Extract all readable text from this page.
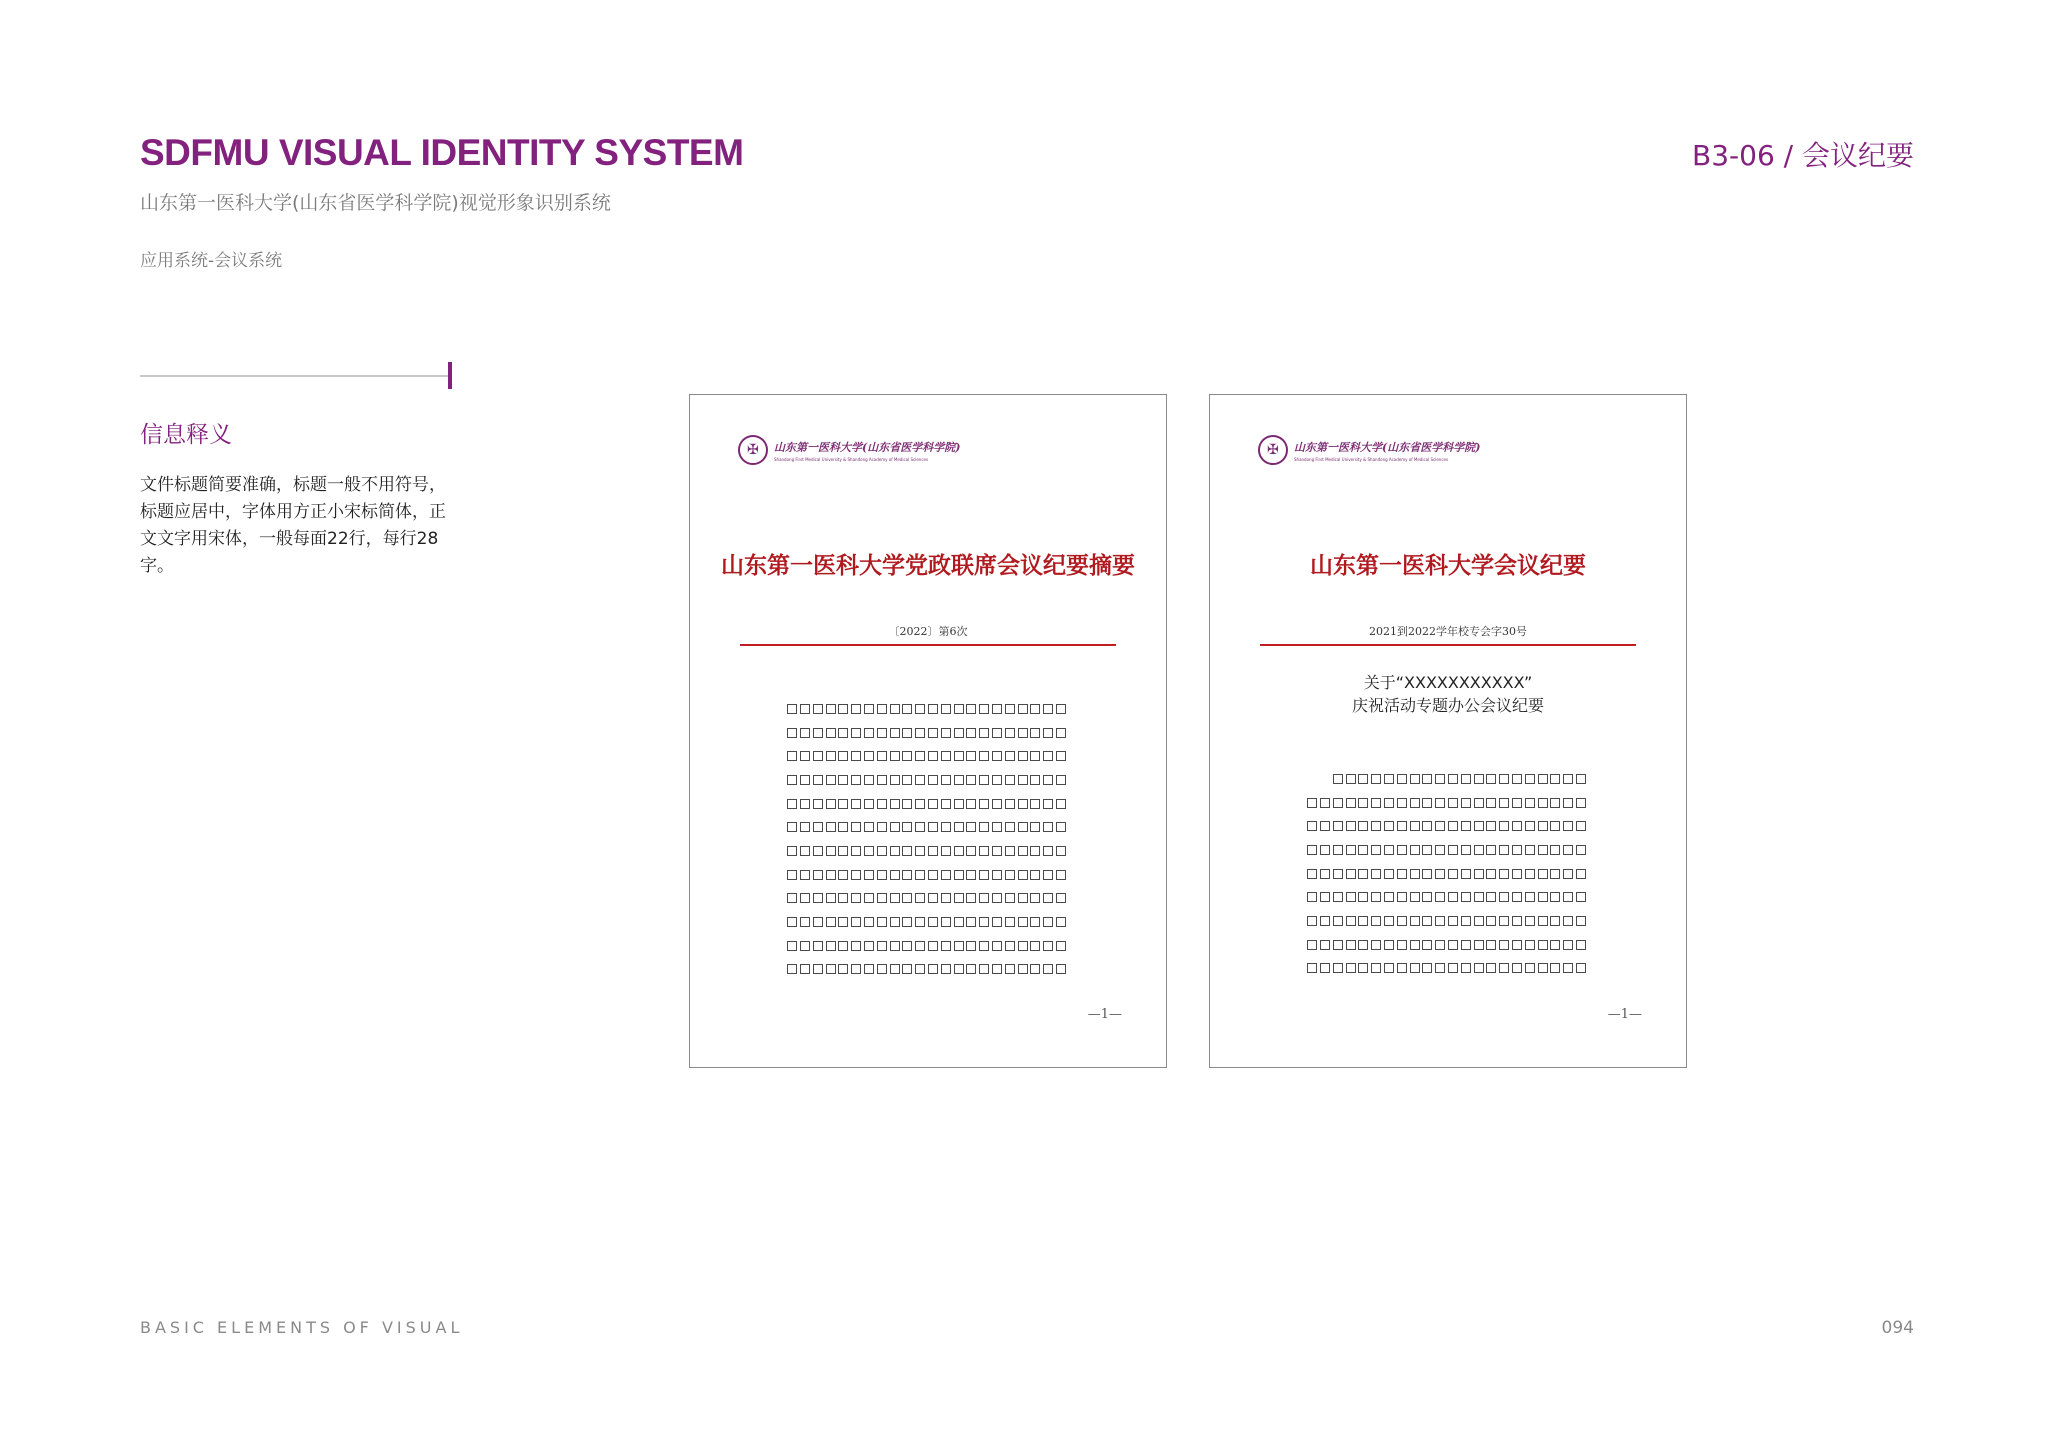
SDFMU VISUAL IDENTITY SYSTEM
山东第一医科大学(山东省医学科学院)视觉形象识别系统
应用系统-会议系统
B3-06 / 会议纪要
信息释义
文件标题简要准确，标题一般不用符号，标题应居中，字体用方正小宋标简体，正文文字用宋体，一般每面22行，每行28字。
✠	山东第一医科大学(山东省医学科学院)
Shandong First Medical University & Shandong Academy of Medical Sciences
山东第一医科大学党政联席会议纪要摘要
〔2022〕第6次
—1—
✠	山东第一医科大学(山东省医学科学院)
Shandong First Medical University & Shandong Academy of Medical Sciences
山东第一医科大学会议纪要
2021到2022学年校专会字30号
关于“XXXXXXXXXXX”
庆祝活动专题办公会议纪要
—1—
BASIC ELEMENTS OF VISUAL	094
